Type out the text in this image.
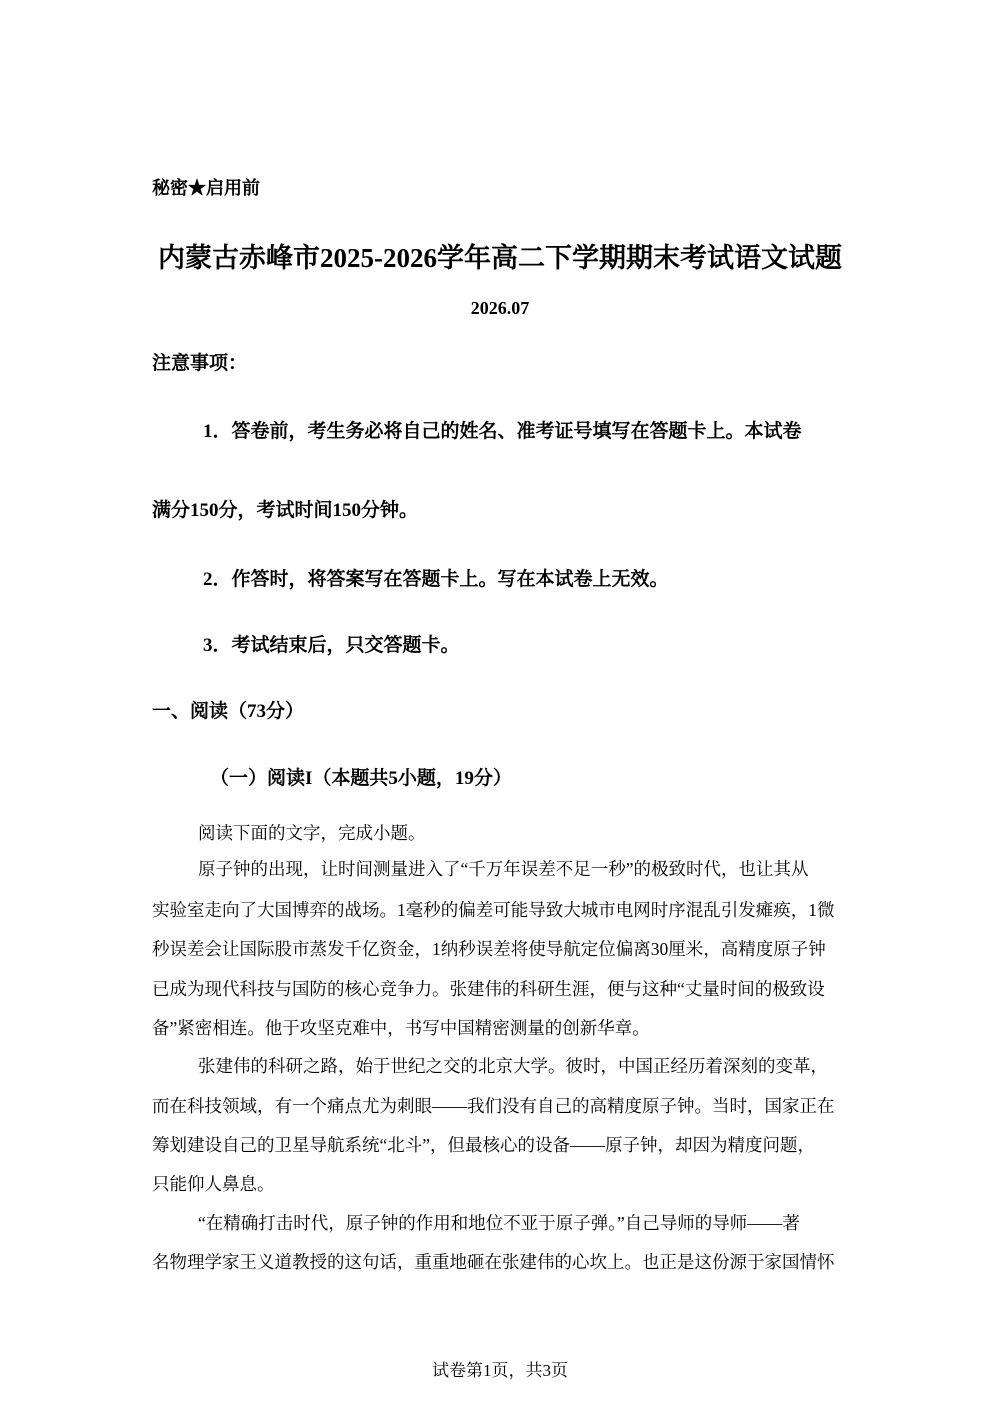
秘密★启用前
内蒙古赤峰市2025-2026学年高二下学期期末考试语文试题
2026.07
注意事项：
1．答卷前，考生务必将自己的姓名、准考证号填写在答题卡上。本试卷
满分150分，考试时间150分钟。
2．作答时，将答案写在答题卡上。写在本试卷上无效。
3．考试结束后，只交答题卡。
一、阅读（73分）
（一）阅读I（本题共5小题，19分）
阅读下面的文字，完成小题。
原子钟的出现，让时间测量进入了“千万年误差不足一秒”的极致时代，也让其从
实验室走向了大国博弈的战场。1毫秒的偏差可能导致大城市电网时序混乱引发瘫痪，1微
秒误差会让国际股市蒸发千亿资金，1纳秒误差将使导航定位偏离30厘米，高精度原子钟
已成为现代科技与国防的核心竞争力。张建伟的科研生涯，便与这种“丈量时间的极致设
备”紧密相连。他于攻坚克难中，书写中国精密测量的创新华章。
张建伟的科研之路，始于世纪之交的北京大学。彼时，中国正经历着深刻的变革，
而在科技领域，有一个痛点尤为刺眼——我们没有自己的高精度原子钟。当时，国家正在
筹划建设自己的卫星导航系统“北斗”，但最核心的设备——原子钟，却因为精度问题，
只能仰人鼻息。
“在精确打击时代，原子钟的作用和地位不亚于原子弹。”自己导师的导师——著
名物理学家王义道教授的这句话，重重地砸在张建伟的心坎上。也正是这份源于家国情怀
试卷第1页，共3页
